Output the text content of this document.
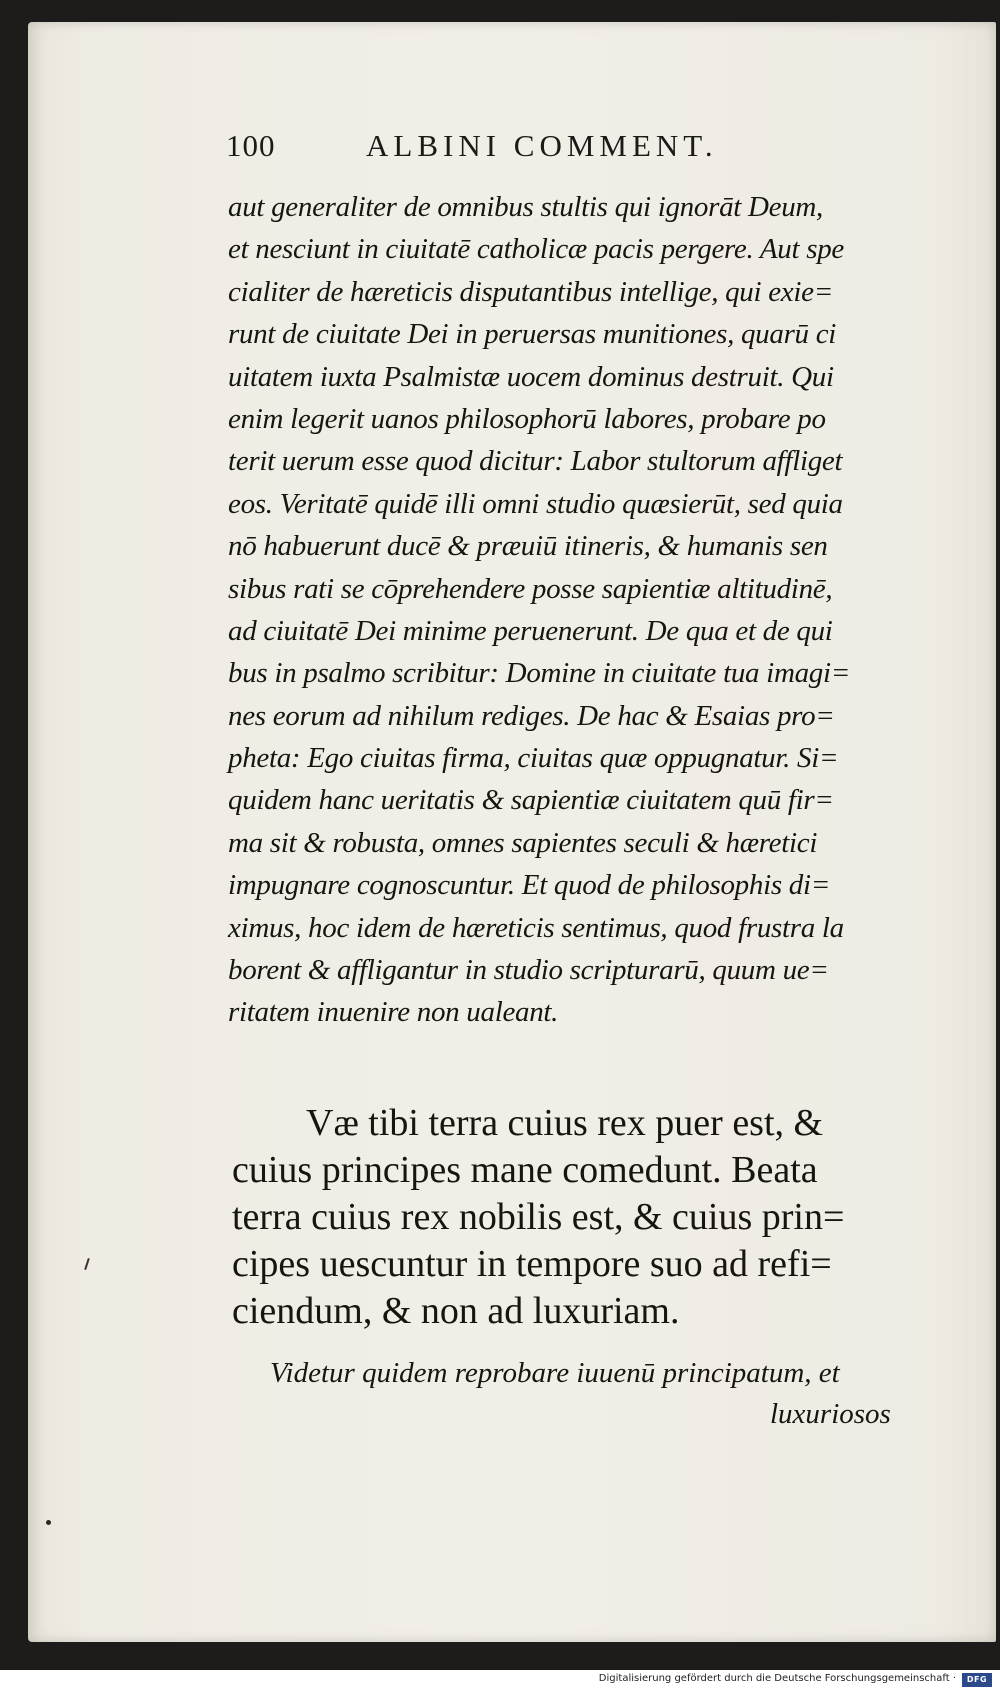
100	ALBINI COMMENT.
aut generaliter de omnibus stultis qui ignorāt Deum,
et nesciunt in ciuitatē catholicæ pacis pergere. Aut spe
cialiter de hæreticis disputantibus intellige, qui exie=
runt de ciuitate Dei in peruersas munitiones, quarū ci
uitatem iuxta Psalmistæ uocem dominus destruit. Qui
enim legerit uanos philosophorū labores, probare po
terit uerum esse quod dicitur: Labor stultorum affliget
eos. Veritatē quidē illi omni studio quæsierūt, sed quia
nō habuerunt ducē & præuiū itineris, & humanis sen
sibus rati se cōprehendere posse sapientiæ altitudinē,
ad ciuitatē Dei minime peruenerunt. De qua et de qui
bus in psalmo scribitur: Domine in ciuitate tua imagi=
nes eorum ad nihilum rediges. De hac & Esaias pro=
pheta: Ego ciuitas firma, ciuitas quæ oppugnatur. Si=
quidem hanc ueritatis & sapientiæ ciuitatem quū fir=
ma sit & robusta, omnes sapientes seculi & hæretici
impugnare cognoscuntur. Et quod de philosophis di=
ximus, hoc idem de hæreticis sentimus, quod frustra la
borent & affligantur in studio scripturarū, quum ue=
ritatem inuenire non ualeant.
Væ tibi terra cuius rex puer est, &
cuius principes mane comedunt. Beata
terra cuius rex nobilis est, & cuius prin=
cipes uescuntur in tempore suo ad refi=
ciendum, & non ad luxuriam.
Videtur quidem reprobare iuuenū principatum, et
luxuriosos
Digitalisierung gefördert durch die Deutsche Forschungsgemeinschaft ·	DFG
